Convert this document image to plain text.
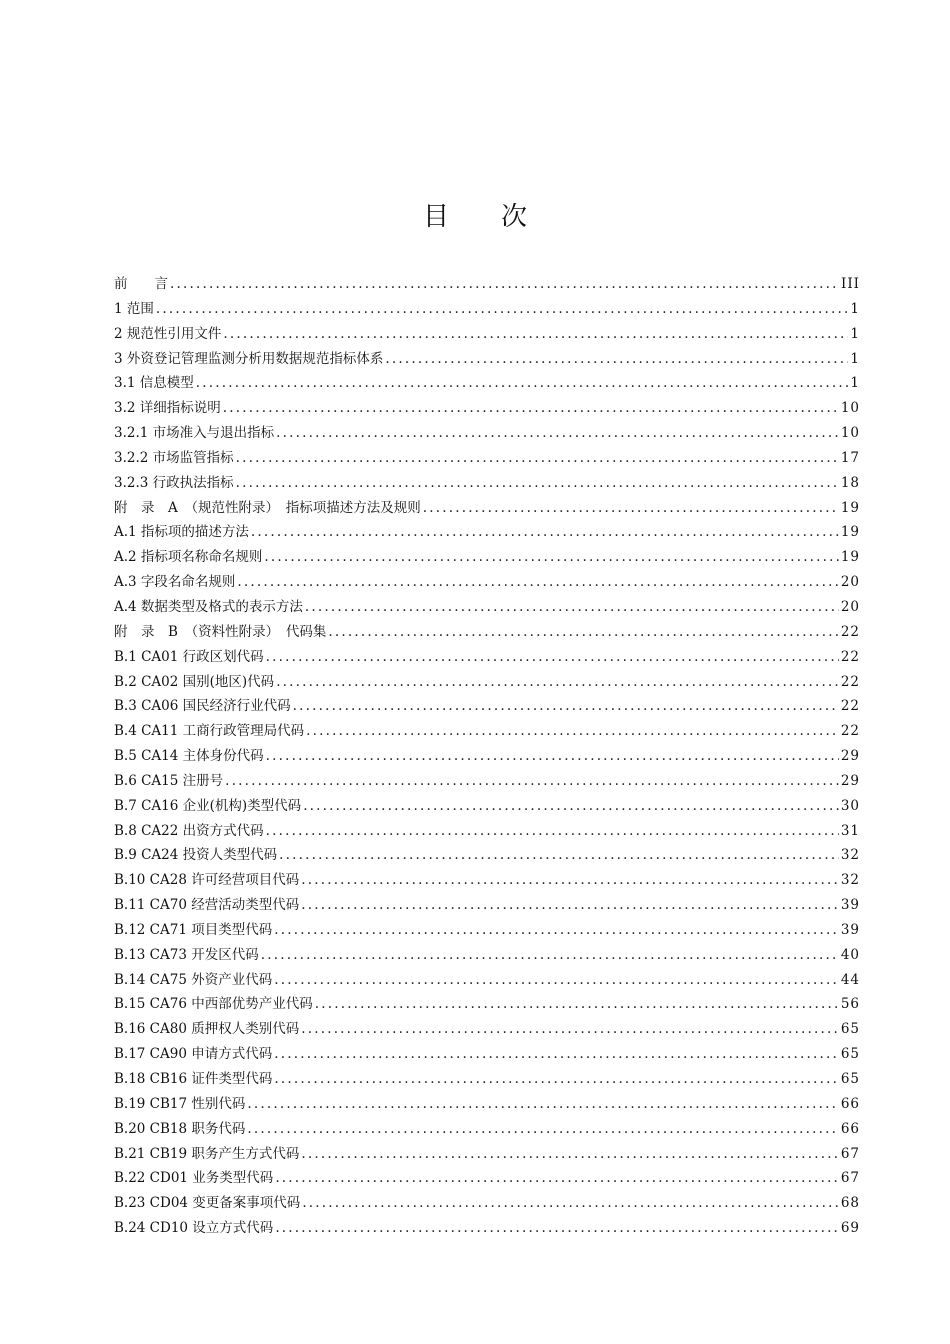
目 次
前　　言 .....	III
1 范围 .....	1
2 规范性引用文件 .....	1
3 外资登记管理监测分析用数据规范指标体系 .....	1
3.1 信息模型 .....	1
3.2 详细指标说明 .....	10
3.2.1 市场准入与退出指标 .....	10
3.2.2 市场监管指标 .....	17
3.2.3 行政执法指标 .....	18
附　录　A　（规范性附录）　指标项描述方法及规则 .....	19
A.1 指标项的描述方法 .....	19
A.2 指标项名称命名规则 .....	19
A.3 字段名命名规则 .....	20
A.4 数据类型及格式的表示方法 .....	20
附　录　B　（资料性附录）　代码集 .....	22
B.1 CA01 行政区划代码 .....	22
B.2 CA02 国别(地区)代码 .....	22
B.3 CA06 国民经济行业代码 .....	22
B.4 CA11 工商行政管理局代码 .....	22
B.5 CA14 主体身份代码 .....	29
B.6 CA15 注册号 .....	29
B.7 CA16 企业(机构)类型代码 .....	30
B.8 CA22 出资方式代码 .....	31
B.9 CA24 投资人类型代码 .....	32
B.10 CA28 许可经营项目代码 .....	32
B.11 CA70 经营活动类型代码 .....	39
B.12 CA71 项目类型代码 .....	39
B.13 CA73 开发区代码 .....	40
B.14 CA75 外资产业代码 .....	44
B.15 CA76 中西部优势产业代码 .....	56
B.16 CA80 质押权人类别代码 .....	65
B.17 CA90 申请方式代码 .....	65
B.18 CB16 证件类型代码 .....	65
B.19 CB17 性别代码 .....	66
B.20 CB18 职务代码 .....	66
B.21 CB19 职务产生方式代码 .....	67
B.22 CD01 业务类型代码 .....	67
B.23 CD04 变更备案事项代码 .....	68
B.24 CD10 设立方式代码 .....	69
